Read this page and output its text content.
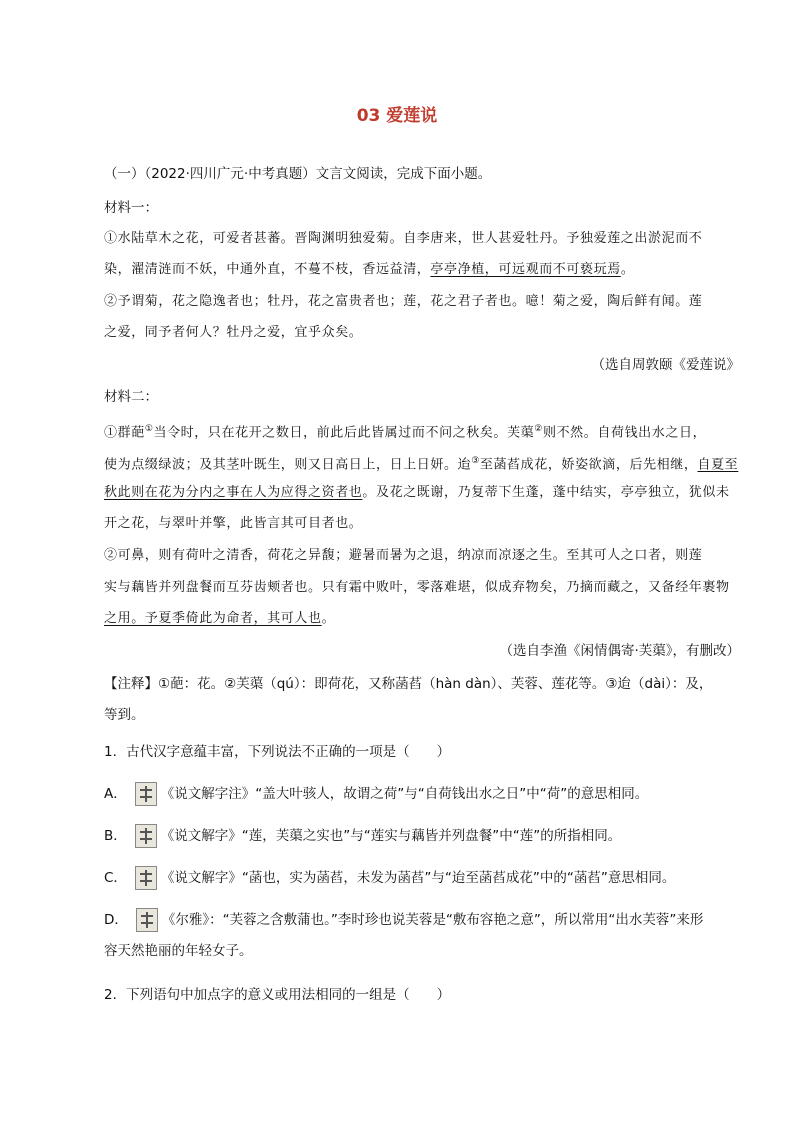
03 爱莲说
（一）（2022·四川广元·中考真题）文言文阅读，完成下面小题。
材料一：
①水陆草木之花，可爱者甚蕃。晋陶渊明独爱菊。自李唐来，世人甚爱牡丹。予独爱莲之出淤泥而不
染，濯清涟而不妖，中通外直，不蔓不枝，香远益清，亭亭净植，可远观而不可亵玩焉。
②予谓菊，花之隐逸者也；牡丹，花之富贵者也；莲，花之君子者也。噫！菊之爱，陶后鲜有闻。莲
之爱，同予者何人？牡丹之爱，宜乎众矣。
（选自周敦颐《爱莲说》
材料二：
①群葩①当令时，只在花开之数日，前此后此皆属过而不问之秋矣。芙蕖②则不然。自荷钱出水之日，
使为点缀绿波；及其茎叶既生，则又日高日上，日上日妍。迨③至菡萏成花，娇姿欲滴，后先相继，自夏至
秋此则在花为分内之事在人为应得之资者也。及花之既谢，乃复蒂下生蓬，蓬中结实，亭亭独立，犹似未
开之花，与翠叶并擎，此皆言其可目者也。
②可鼻，则有荷叶之清香，荷花之异馥；避暑而暑为之退，纳凉而凉逐之生。至其可人之口者，则莲
实与藕皆并列盘餐而互芬齿颊者也。只有霜中败叶，零落难堪，似成弃物矣，乃摘而藏之，又备经年裹物
之用。予夏季倚此为命者，其可人也。
（选自李渔《闲情偶寄·芙蕖》，有删改）
【注释】①葩：花。②芙蕖（qú）：即荷花，又称菡萏（hàn dàn）、芙蓉、莲花等。③迨（dài）：及，
等到。
1．古代汉字意蕴丰富，下列说法不正确的一项是（　　）
A．	《说文解字注》“盖大叶骇人，故谓之荷”与“自荷钱出水之日”中“荷”的意思相同。
B．	《说文解字》“莲，芙蕖之实也”与“莲实与藕皆并列盘餐”中“莲”的所指相同。
C．	《说文解字》“菡也，实为菡萏，未发为菡萏”与“迨至菡萏成花”中的“菡萏”意思相同。
D．	《尔雅》：“芙蓉之含敷蒲也。”李时珍也说芙蓉是“敷布容艳之意”，所以常用“出水芙蓉”来形
容天然艳丽的年轻女子。
2．下列语句中加点字的意义或用法相同的一组是（　　）
